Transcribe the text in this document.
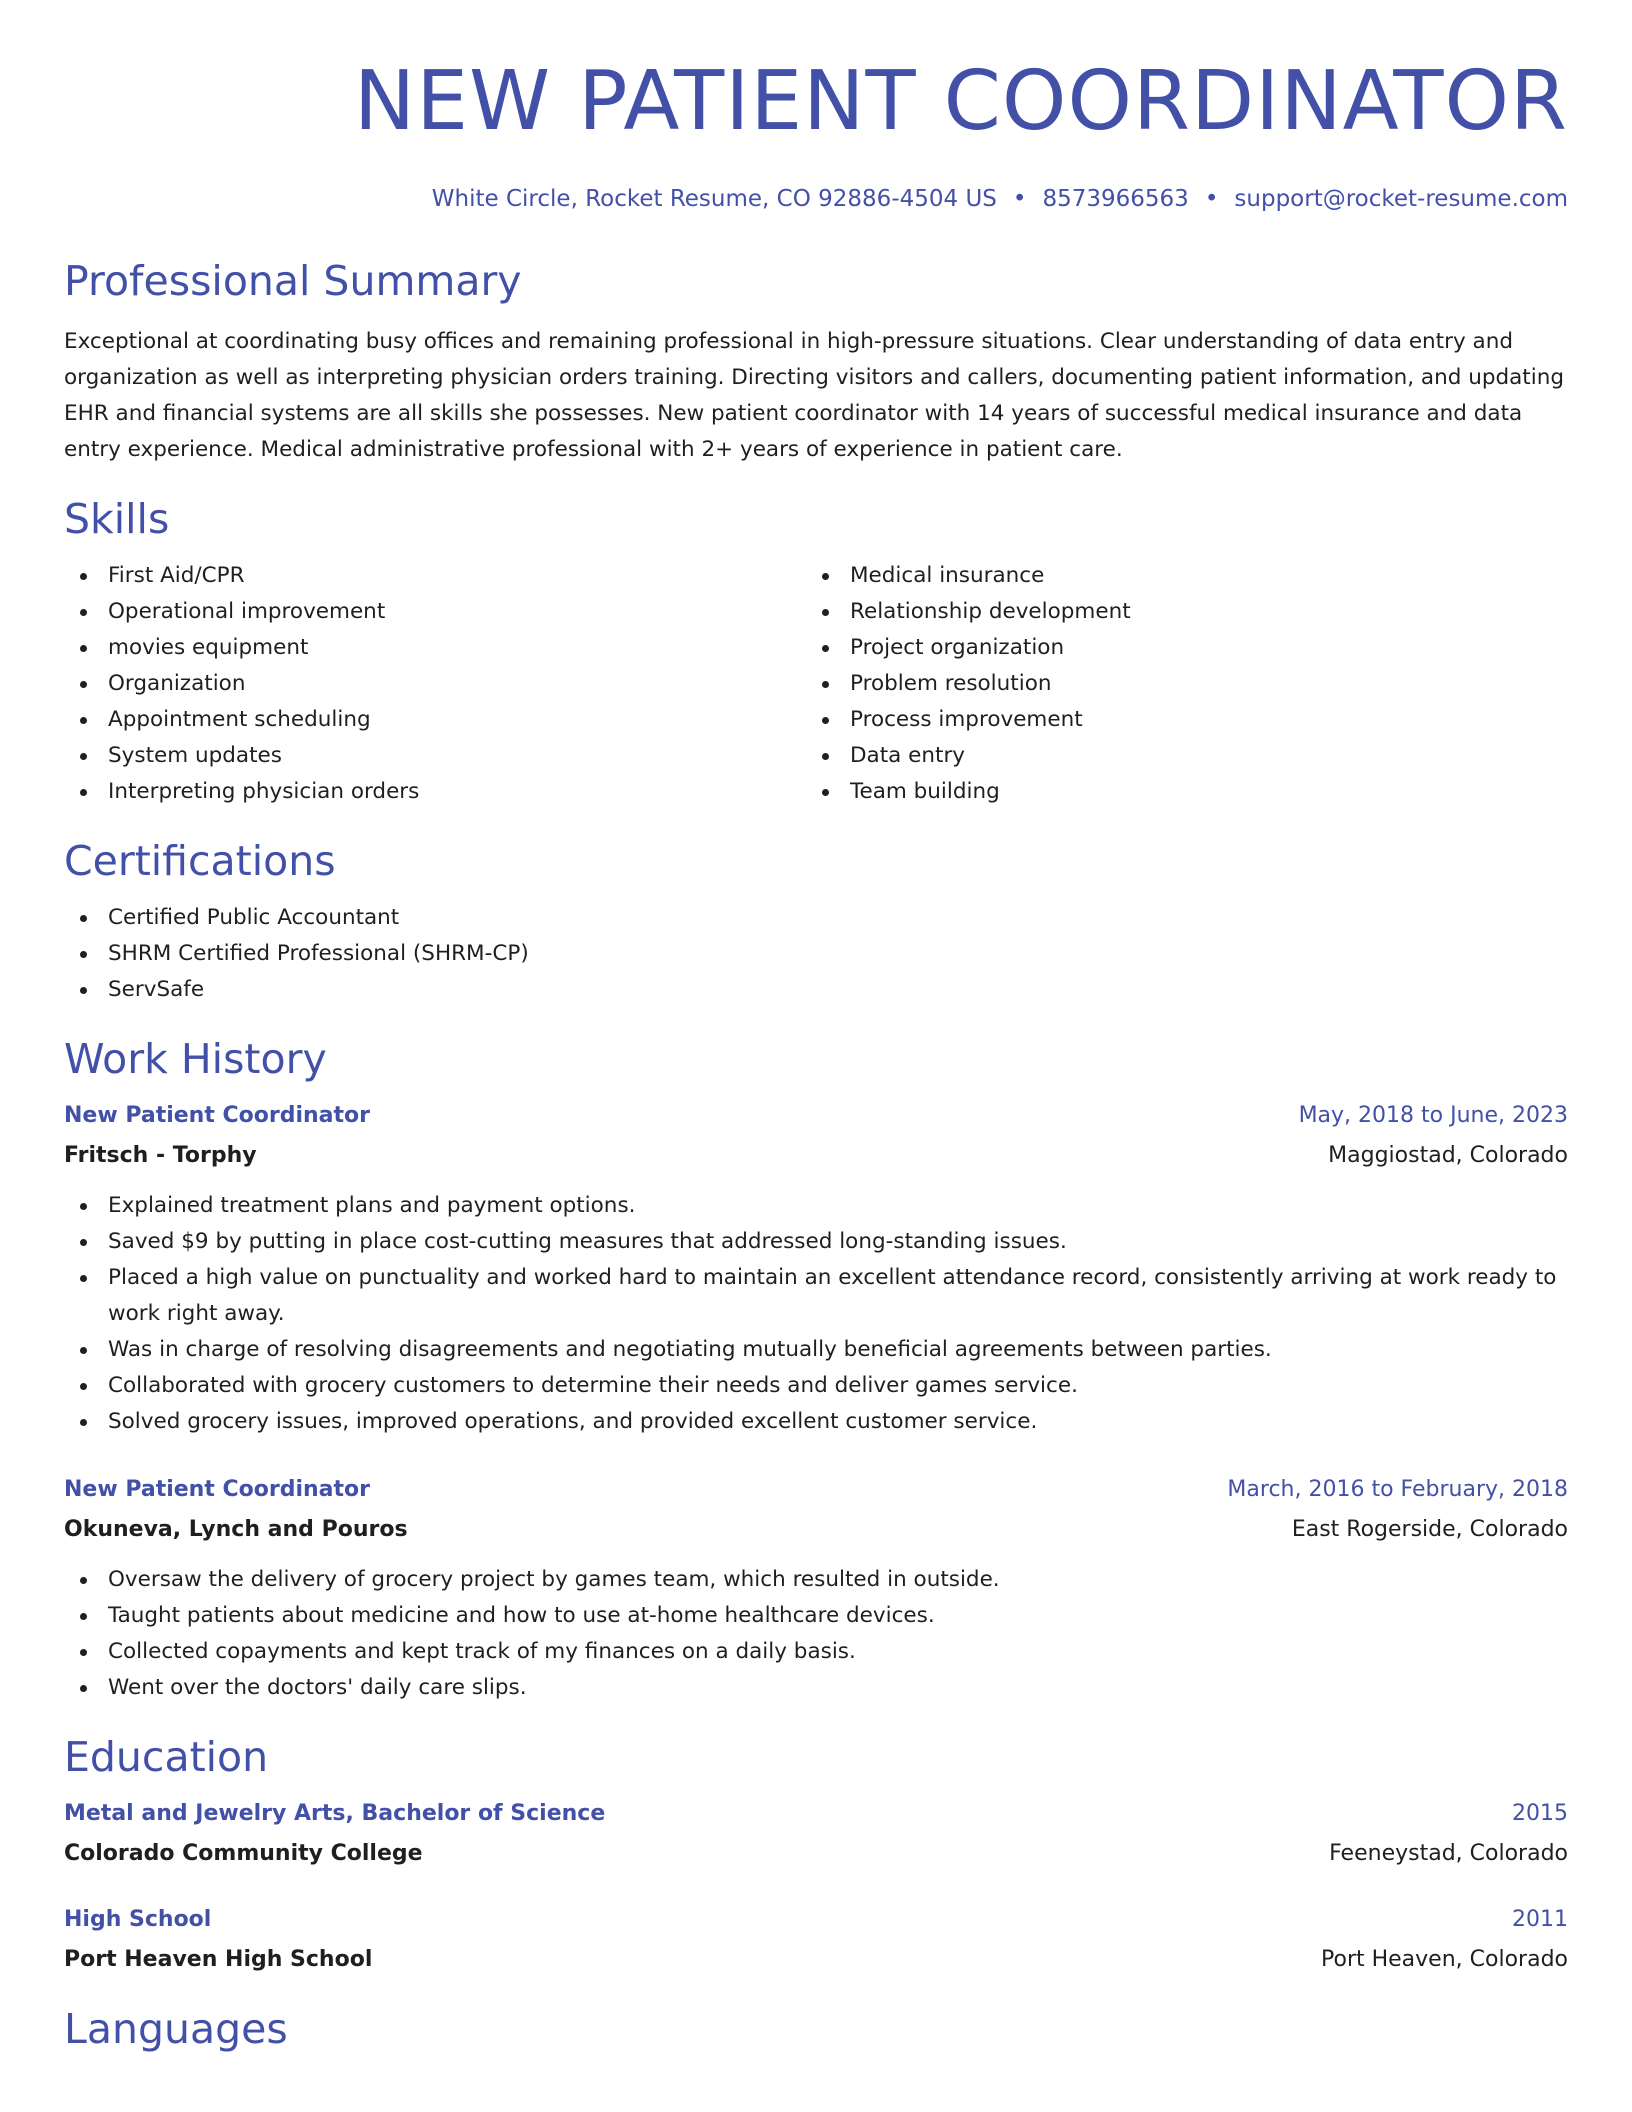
NEW PATIENT COORDINATOR
White Circle, Rocket Resume, CO 92886-4504 US • 8573966563 • support@rocket-resume.com
Professional Summary

Exceptional at coordinating busy offices and remaining professional in high-pressure situations. Clear understanding of data entry and organization as well as interpreting physician orders training. Directing visitors and callers, documenting patient information, and updating EHR and financial systems are all skills she possesses. New patient coordinator with 14 years of successful medical insurance and data entry experience. Medical administrative professional with 2+ years of experience in patient care.

Skills
First Aid/CPR
Operational improvement
movies equipment
Organization
Appointment scheduling
System updates
Interpreting physician orders
Medical insurance
Relationship development
Project organization
Problem resolution
Process improvement
Data entry
Team building
Certifications
Certified Public Accountant
SHRM Certified Professional (SHRM-CP)
ServSafe
Work History
New Patient Coordinator	May, 2018 to June, 2023
Fritsch - Torphy	Maggiostad, Colorado
Explained treatment plans and payment options.
Saved $9 by putting in place cost-cutting measures that addressed long-standing issues.
Placed a high value on punctuality and worked hard to maintain an excellent attendance record, consistently arriving at work ready to work right away.
Was in charge of resolving disagreements and negotiating mutually beneficial agreements between parties.
Collaborated with grocery customers to determine their needs and deliver games service.
Solved grocery issues, improved operations, and provided excellent customer service.
New Patient Coordinator	March, 2016 to February, 2018
Okuneva, Lynch and Pouros	East Rogerside, Colorado
Oversaw the delivery of grocery project by games team, which resulted in outside.
Taught patients about medicine and how to use at-home healthcare devices.
Collected copayments and kept track of my finances on a daily basis.
Went over the doctors' daily care slips.
Education
Metal and Jewelry Arts, Bachelor of Science	2015
Colorado Community College	Feeneystad, Colorado
High School	2011
Port Heaven High School	Port Heaven, Colorado
Languages
